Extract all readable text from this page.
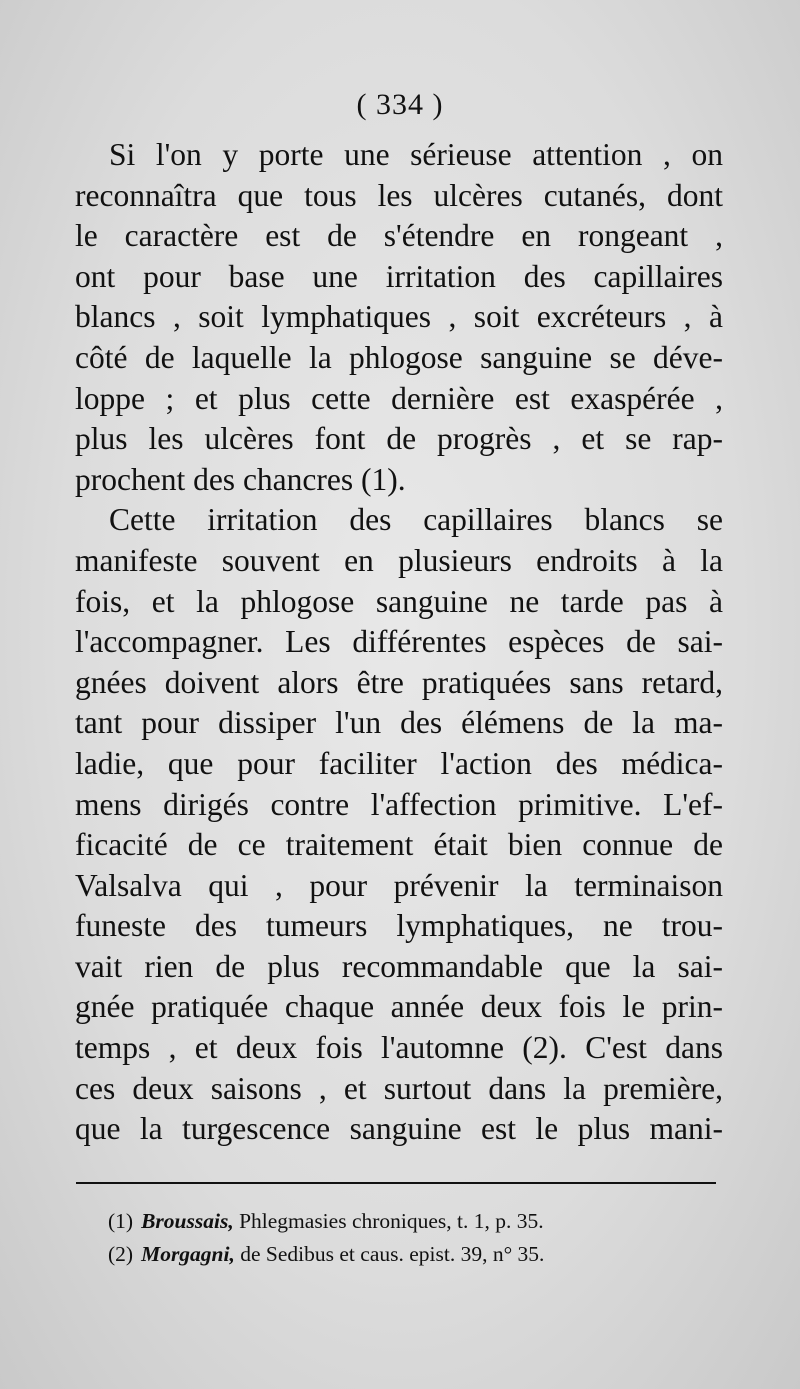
( 334 )
Si l'on y porte une sérieuse attention , on
reconnaîtra que tous les ulcères cutanés, dont
le caractère est de s'étendre en rongeant ,
ont pour base une irritation des capillaires
blancs , soit lymphatiques , soit excréteurs , à
côté de laquelle la phlogose sanguine se déve-
loppe ; et plus cette dernière est exaspérée ,
plus les ulcères font de progrès , et se rap-
prochent des chancres (1).
Cette irritation des capillaires blancs se
manifeste souvent en plusieurs endroits à la
fois, et la phlogose sanguine ne tarde pas à
l'accompagner. Les différentes espèces de sai-
gnées doivent alors être pratiquées sans retard,
tant pour dissiper l'un des élémens de la ma-
ladie, que pour faciliter l'action des médica-
mens dirigés contre l'affection primitive. L'ef-
ficacité de ce traitement était bien connue de
Valsalva qui , pour prévenir la terminaison
funeste des tumeurs lymphatiques, ne trou-
vait rien de plus recommandable que la sai-
gnée pratiquée chaque année deux fois le prin-
temps , et deux fois l'automne (2). C'est dans
ces deux saisons , et surtout dans la première,
que la turgescence sanguine est le plus mani-
(1) Broussais, Phlegmasies chroniques, t. 1, p. 35.
(2) Morgagni, de Sedibus et caus. epist. 39, n° 35.
